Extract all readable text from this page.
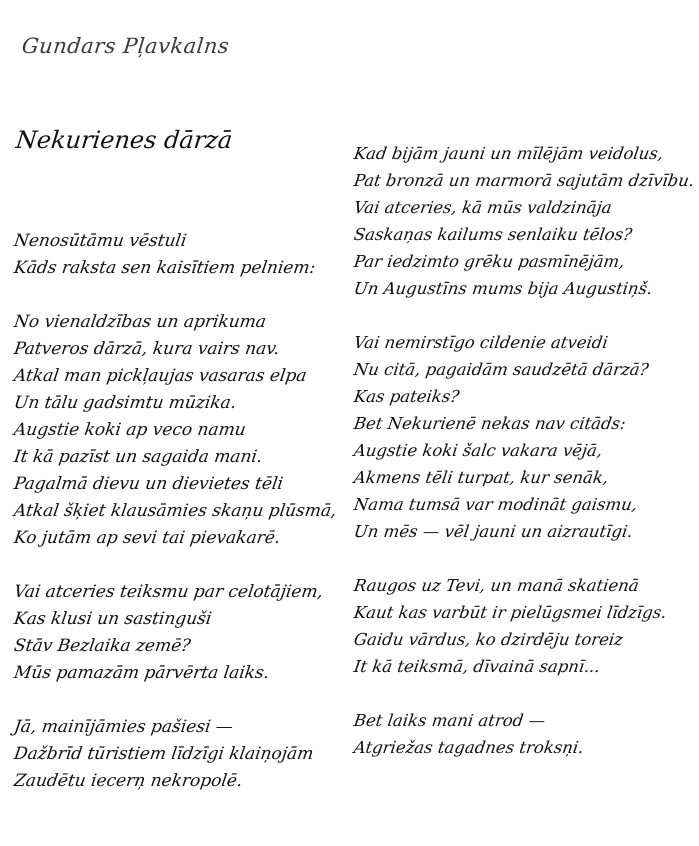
Gundars Pļavkalns
Nekurienes dārzā
Nenosūtāmu vēstuli
Kāds raksta sen kaisītiem pelniem:
No vienaldzības un aprikuma
Patveros dārzā, kura vairs nav.
Atkal man pickļaujas vasaras elpa
Un tālu gadsimtu mūzika.
Augstie koki ap veco namu
It kā pazīst un sagaida mani.
Pagalmā dievu un dievietes tēli
Atkal šķiet klausāmies skaņu plūsmā,
Ko jutām ap sevi tai pievakarē.
Vai atceries teiksmu par celotājiem,
Kas klusi un sastinguši
Stāv Bezlaika zemē?
Mūs pamazām pārvērta laiks.
Jā, mainījāmies pašiesi —
Dažbrīd tūristiem līdzīgi klaiņojām
Zaudētu iecerņ nekropolē.
Kad bijām jauni un mīlējām veidolus,
Pat bronzā un marmorā sajutām dzīvību.
Vai atceries, kā mūs valdzināja
Saskaņas kailums senlaiku tēlos?
Par iedzimto grēku pasmīnējām,
Un Augustīns mums bija Augustiņš.
Vai nemirstīgo cildenie atveidi
Nu citā, pagaidām saudzētā dārzā?
Kas pateiks?
Bet Nekurienē nekas nav citāds:
Augstie koki šalc vakara vējā,
Akmens tēli turpat, kur senāk,
Nama tumsā var modināt gaismu,
Un mēs — vēl jauni un aizrautīgi.
Raugos uz Tevi, un manā skatienā
Kaut kas varbūt ir pielūgsmei līdzīgs.
Gaidu vārdus, ko dzirdēju toreiz
It kā teiksmā, dīvainā sapnī...
Bet laiks mani atrod —
Atgriežas tagadnes troksņi.
